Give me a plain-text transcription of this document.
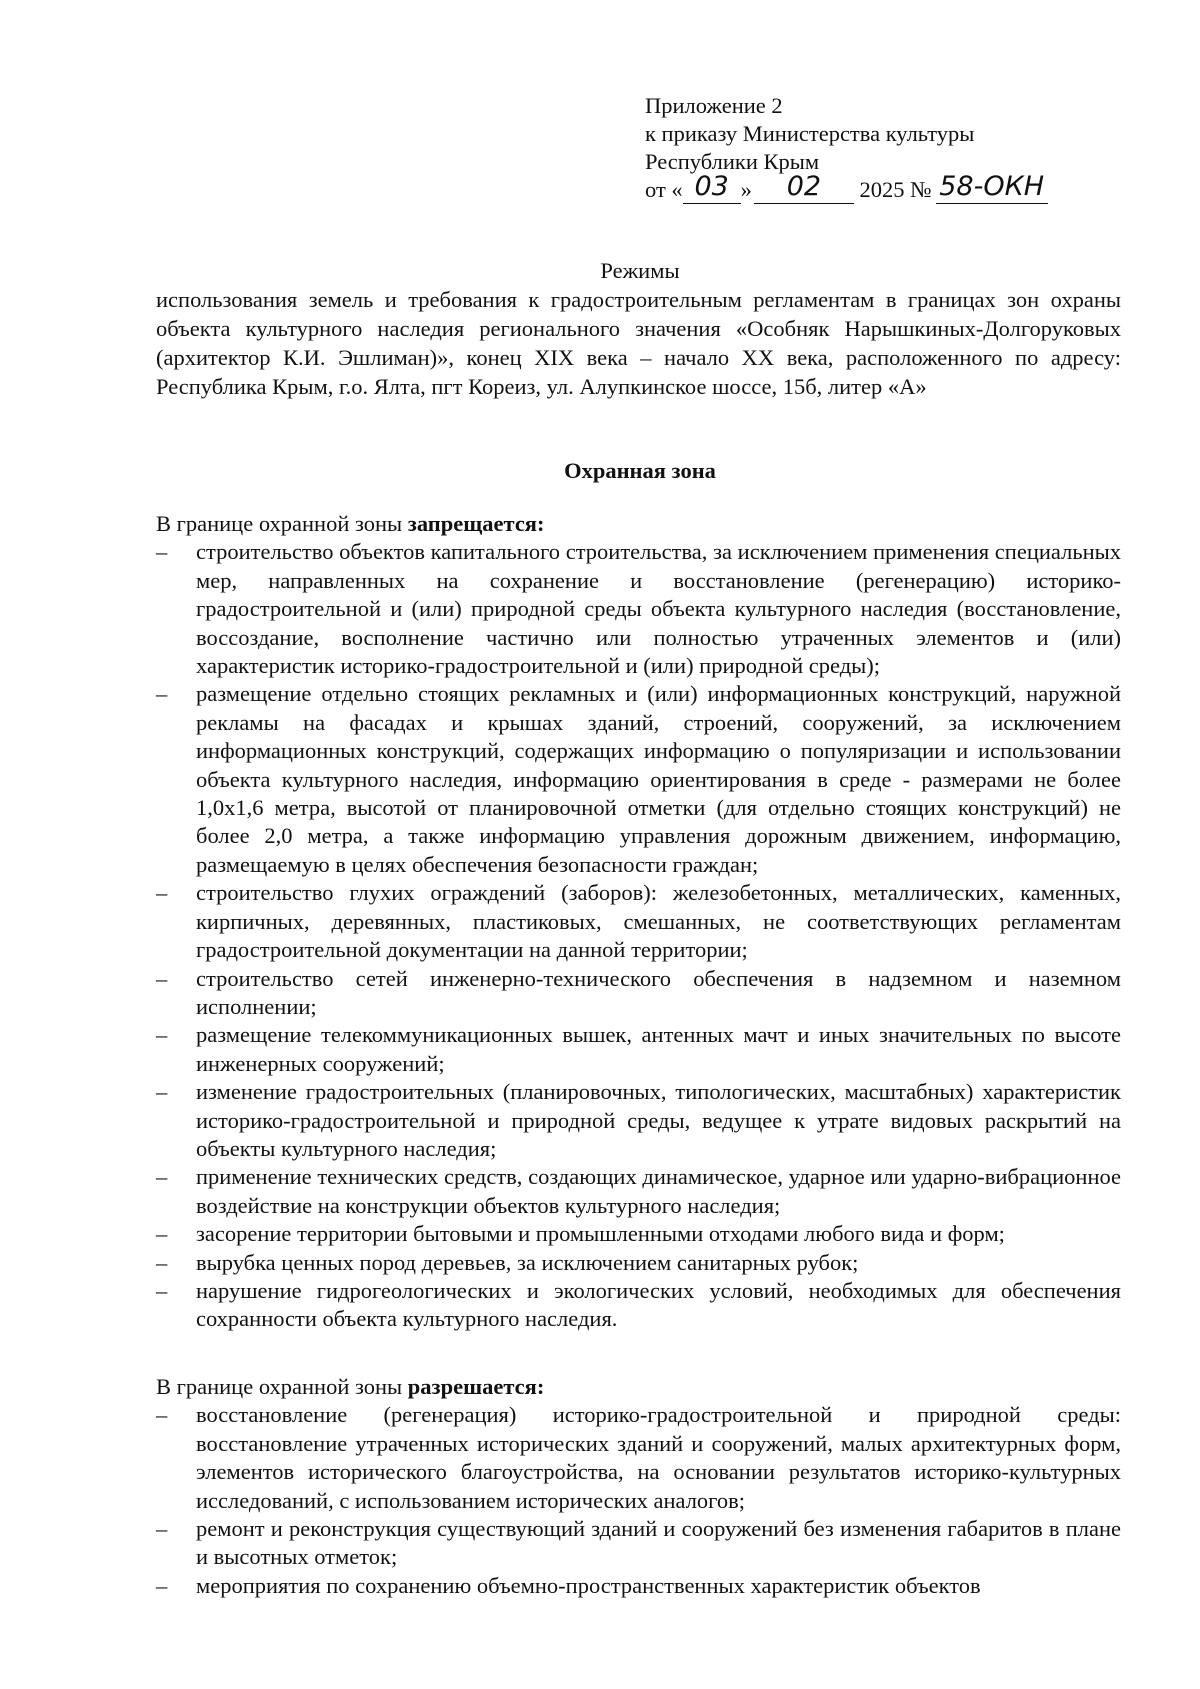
Приложение 2
к приказу Министерства культуры
Республики Крым
от « 03 » 02 2025 № 58-ОКН
Режимы
использования земель и требования к градостроительным регламентам в границах зон охраны объекта культурного наследия регионального значения «Особняк Нарышкиных-Долгоруковых (архитектор К.И. Эшлиман)», конец XIX века – начало XX века, расположенного по адресу: Республика Крым, г.о. Ялта, пгт Кореиз, ул. Алупкинское шоссе, 15б, литер «А»
Охранная зона
В границе охранной зоны запрещается:
–	строительство объектов капитального строительства, за исключением применения специальных мер, направленных на сохранение и восстановление (регенерацию) историко-градостроительной и (или) природной среды объекта культурного наследия (восстановление, воссоздание, восполнение частично или полностью утраченных элементов и (или) характеристик историко-градостроительной и (или) природной среды);
–	размещение отдельно стоящих рекламных и (или) информационных конструкций, наружной рекламы на фасадах и крышах зданий, строений, сооружений, за исключением информационных конструкций, содержащих информацию о популяризации и использовании объекта культурного наследия, информацию ориентирования в среде - размерами не более 1,0х1,6 метра, высотой от планировочной отметки (для отдельно стоящих конструкций) не более 2,0 метра, а также информацию управления дорожным движением, информацию, размещаемую в целях обеспечения безопасности граждан;
–	строительство глухих ограждений (заборов): железобетонных, металлических, каменных, кирпичных, деревянных, пластиковых, смешанных, не соответствующих регламентам градостроительной документации на данной территории;
–	строительство сетей инженерно-технического обеспечения в надземном и наземном исполнении;
–	размещение телекоммуникационных вышек, антенных мачт и иных значительных по высоте инженерных сооружений;
–	изменение градостроительных (планировочных, типологических, масштабных) характеристик историко-градостроительной и природной среды, ведущее к утрате видовых раскрытий на объекты культурного наследия;
–	применение технических средств, создающих динамическое, ударное или ударно-вибрационное воздействие на конструкции объектов культурного наследия;
–	засорение территории бытовыми и промышленными отходами любого вида и форм;
–	вырубка ценных пород деревьев, за исключением санитарных рубок;
–	нарушение гидрогеологических и экологических условий, необходимых для обеспечения сохранности объекта культурного наследия.
В границе охранной зоны разрешается:
–	восстановление (регенерация) историко-градостроительной и природной среды: восстановление утраченных исторических зданий и сооружений, малых архитектурных форм, элементов исторического благоустройства, на основании результатов историко-культурных исследований, с использованием исторических аналогов;
–	ремонт и реконструкция существующий зданий и сооружений без изменения габаритов в плане и высотных отметок;
–	мероприятия по сохранению объемно-пространственных характеристик объектов
